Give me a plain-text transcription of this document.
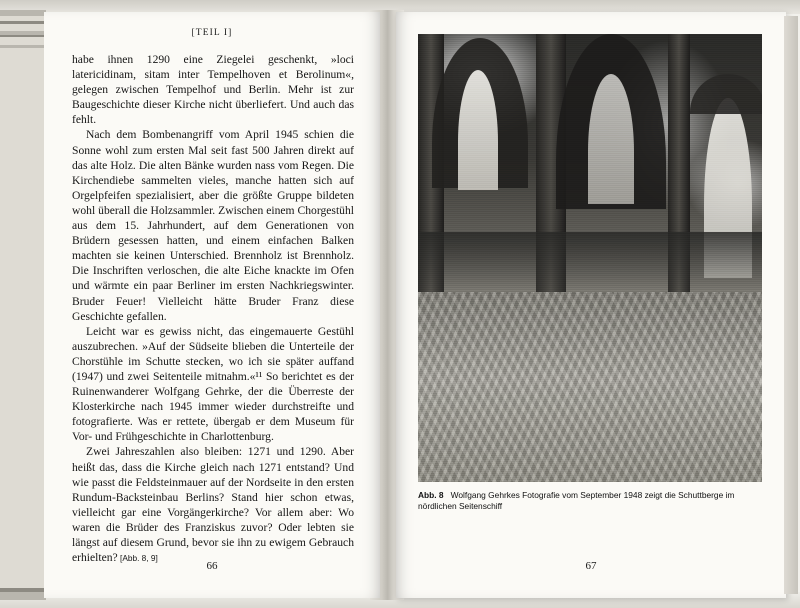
[TEIL I]

habe ihnen 1290 eine Ziegelei geschenkt, »loci latericidinam, sitam inter Tempelhoven et Berolinum«, gelegen zwischen Tempelhof und Berlin. Mehr ist zur Baugeschichte dieser Kirche nicht überliefert. Und auch das fehlt.

Nach dem Bombenangriff vom April 1945 schien die Sonne wohl zum ersten Mal seit fast 500 Jahren direkt auf das alte Holz. Die alten Bänke wurden nass vom Regen. Die Kirchendiebe sammelten vieles, manche hatten sich auf Orgelpfeifen spezialisiert, aber die größte Gruppe bildeten wohl überall die Holzsammler. Zwischen einem Chorgestühl aus dem 15. Jahrhundert, auf dem Generationen von Brüdern gesessen hatten, und einem einfachen Balken machten sie keinen Unterschied. Brennholz ist Brennholz. Die Inschriften verloschen, die alte Eiche knackte im Ofen und wärmte ein paar Berliner im ersten Nachkriegswinter. Bruder Feuer! Vielleicht hätte Bruder Franz diese Geschichte gefallen.

Leicht war es gewiss nicht, das eingemauerte Gestühl auszubrechen. »Auf der Südseite blieben die Unterteile der Chorstühle im Schutte stecken, wo ich sie später auffand (1947) und zwei Seitenteile mitnahm.«¹¹ So berichtet es der Ruinenwanderer Wolfgang Gehrke, der die Überreste der Klosterkirche nach 1945 immer wieder durchstreifte und fotografierte. Was er rettete, übergab er dem Museum für Vor- und Frühgeschichte in Charlottenburg.

Zwei Jahreszahlen also bleiben: 1271 und 1290. Aber heißt das, dass die Kirche gleich nach 1271 entstand? Und wie passt die Feldsteinmauer auf der Nordseite in den ersten Rundum-Backsteinbau Berlins? Stand hier schon etwas, vielleicht gar eine Vorgängerkirche? Vor allem aber: Wo waren die Brüder des Franziskus zuvor? Oder lebten sie längst auf diesem Grund, bevor sie ihn zu ewigem Gebrauch erhielten? [Abb. 8, 9]

66
Abb. 8 Wolfgang Gehrkes Fotografie vom September 1948 zeigt die Schuttberge im nördlichen Seitenschiff
67
